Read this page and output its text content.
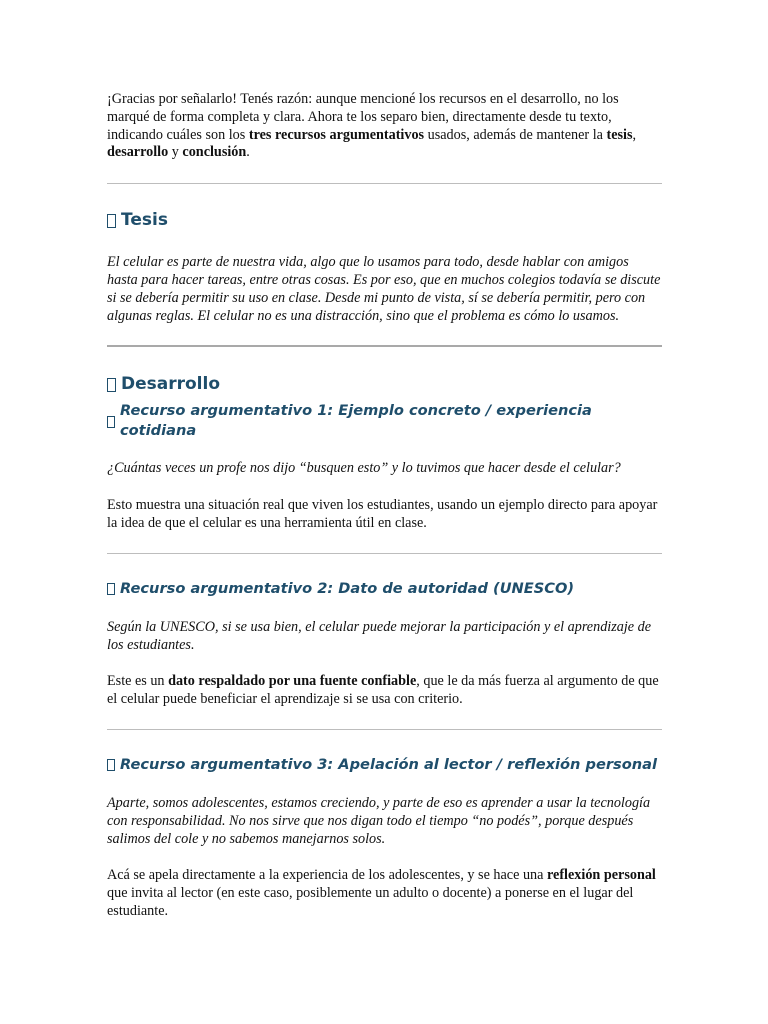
¡Gracias por señalarlo! Tenés razón: aunque mencioné los recursos en el desarrollo, no los marqué de forma completa y clara. Ahora te los separo bien, directamente desde tu texto, indicando cuáles son los tres recursos argumentativos usados, además de mantener la tesis, desarrollo y conclusión.

Tesis

El celular es parte de nuestra vida, algo que lo usamos para todo, desde hablar con amigos hasta para hacer tareas, entre otras cosas. Es por eso, que en muchos colegios todavía se discute si se debería permitir su uso en clase. Desde mi punto de vista, sí se debería permitir, pero con algunas reglas. El celular no es una distracción, sino que el problema es cómo lo usamos.

Desarrollo
Recurso argumentativo 1: Ejemplo concreto / experiencia cotidiana

¿Cuántas veces un profe nos dijo “busquen esto” y lo tuvimos que hacer desde el celular?

Esto muestra una situación real que viven los estudiantes, usando un ejemplo directo para apoyar la idea de que el celular es una herramienta útil en clase.

Recurso argumentativo 2: Dato de autoridad (UNESCO)

Según la UNESCO, si se usa bien, el celular puede mejorar la participación y el aprendizaje de los estudiantes.

Este es un dato respaldado por una fuente confiable, que le da más fuerza al argumento de que el celular puede beneficiar el aprendizaje si se usa con criterio.

Recurso argumentativo 3: Apelación al lector / reflexión personal

Aparte, somos adolescentes, estamos creciendo, y parte de eso es aprender a usar la tecnología con responsabilidad. No nos sirve que nos digan todo el tiempo “no podés”, porque después salimos del cole y no sabemos manejarnos solos.

Acá se apela directamente a la experiencia de los adolescentes, y se hace una reflexión personal que invita al lector (en este caso, posiblemente un adulto o docente) a ponerse en el lugar del estudiante.
